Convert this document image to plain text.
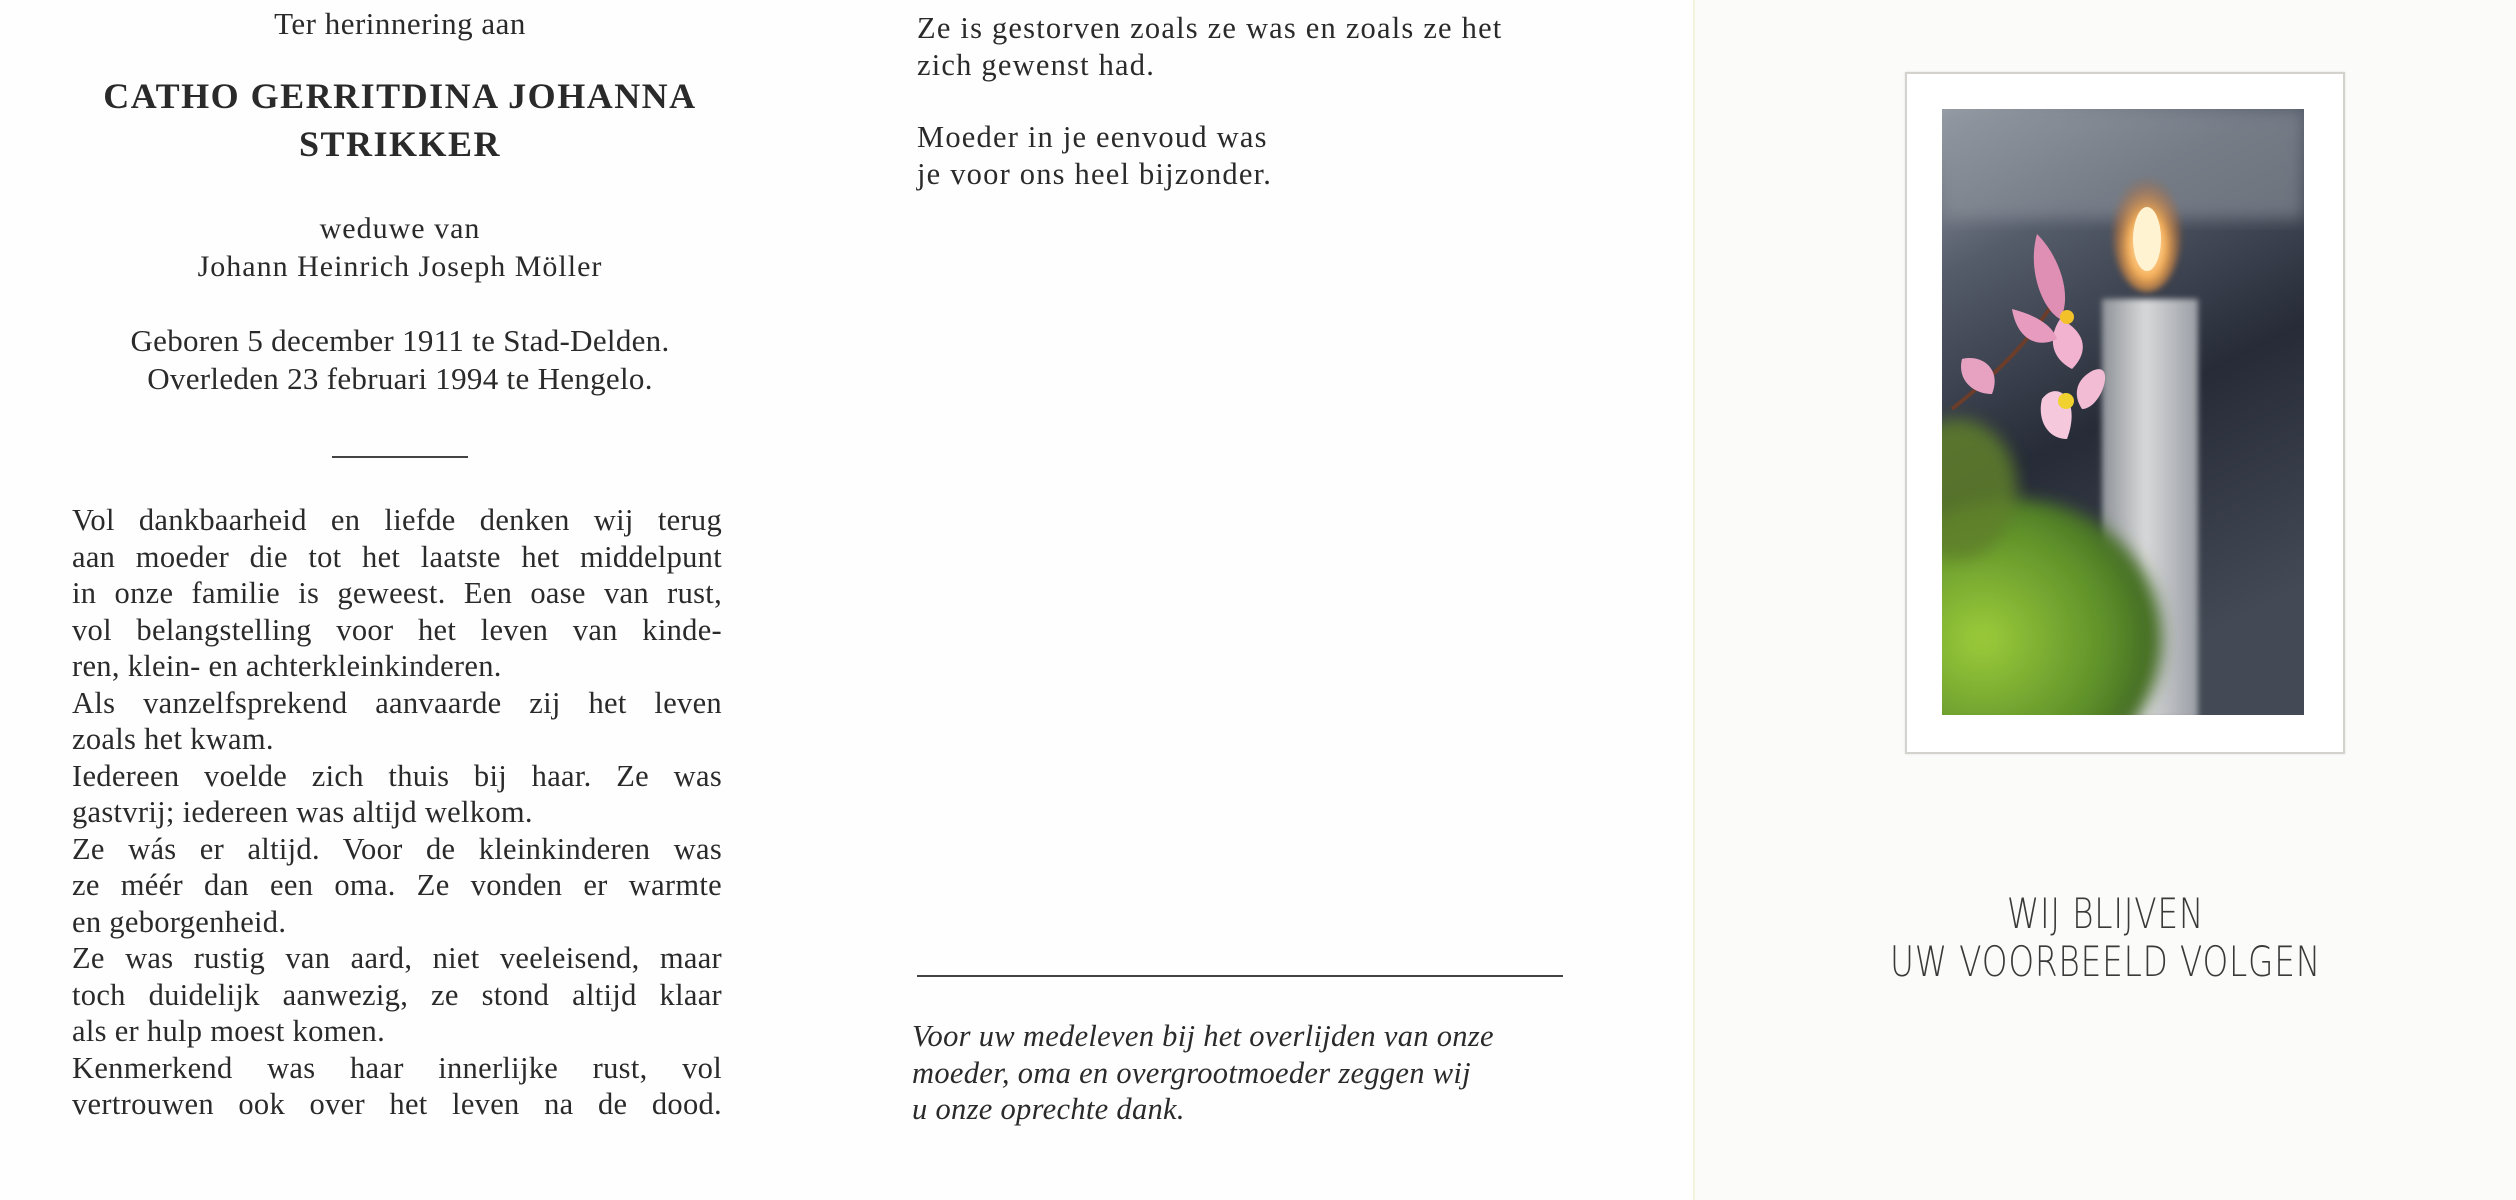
Ter herinnering aan
CATHO GERRITDINA JOHANNA
STRIKKER
weduwe van
Johann Heinrich Joseph Möller
Geboren 5 december 1911 te Stad-Delden.
Overleden 23 februari 1994 te Hengelo.
Vol dankbaarheid en liefde denken wij terug
aan moeder die tot het laatste het middelpunt
in onze familie is geweest. Een oase van rust,
vol belangstelling voor het leven van kinde-
ren, klein- en achterkleinkinderen.
Als vanzelfsprekend aanvaarde zij het leven
zoals het kwam.
Iedereen voelde zich thuis bij haar. Ze was
gastvrij; iedereen was altijd welkom.
Ze wás er altijd. Voor de kleinkinderen was
ze méér dan een oma. Ze vonden er warmte
en geborgenheid.
Ze was rustig van aard, niet veeleisend, maar
toch duidelijk aanwezig, ze stond altijd klaar
als er hulp moest komen.
Kenmerkend was haar innerlijke rust, vol
vertrouwen ook over het leven na de dood.
Ze is gestorven zoals ze was en zoals ze het
zich gewenst had.
Moeder in je eenvoud was
je voor ons heel bijzonder.
Voor uw medeleven bij het overlijden van onze
moeder, oma en overgrootmoeder zeggen wij
u onze oprechte dank.
WIJ BLIJVEN
UW VOORBEELD VOLGEN
